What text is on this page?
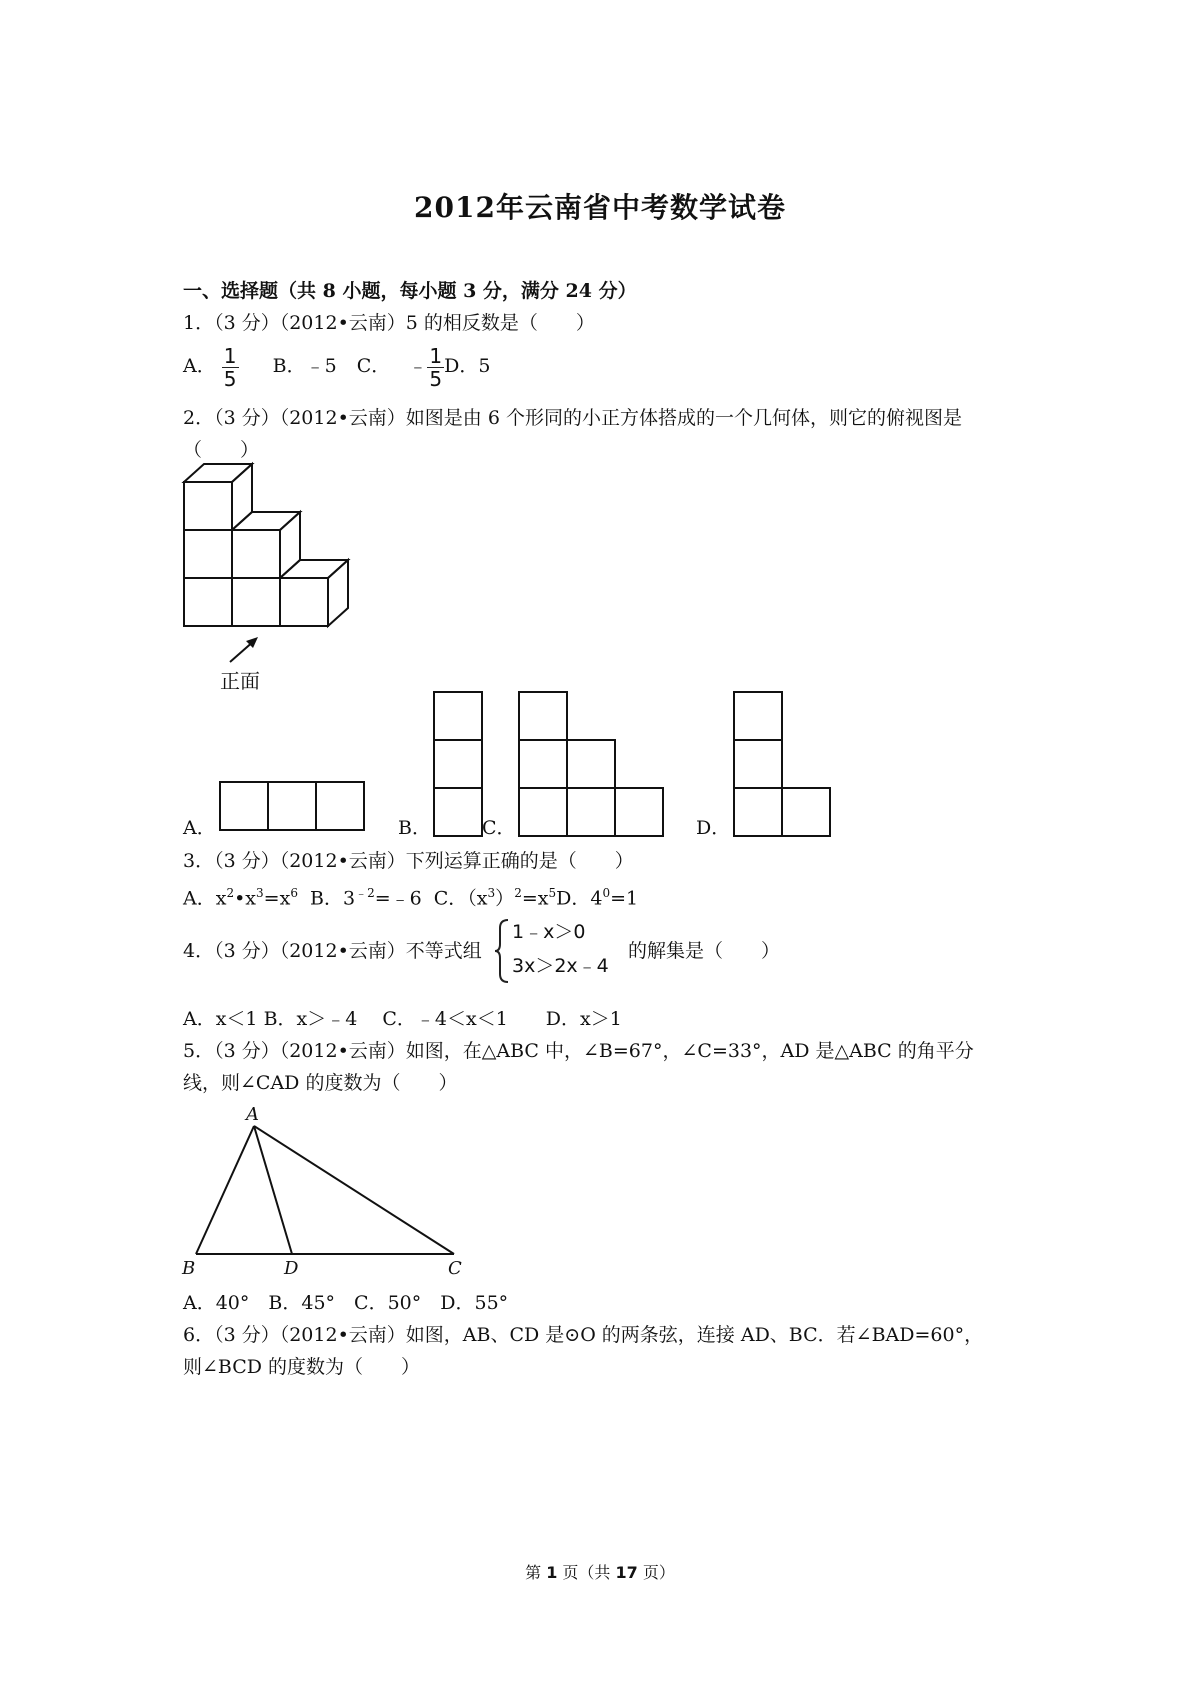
2012年云南省中考数学试卷
一、选择题（共 8 小题，每小题 3 分，满分 24 分）
1．（3 分）（2012•云南）5 的相反数是（　　）
A． $\frac{1}{5}$ B．﹣5 C． ﹣ $\frac{1}{5}$ D．5
2．（3 分）（2012•云南）如图是由 6 个形同的小正方体搭成的一个几何体，则它的俯视图是
（　　）
正面
A．	B．	C．	D．
3．（3 分）（2012•云南）下列运算正确的是（　　）
A．$x^2•x^3=x^6$ B．$3^{﹣2}=﹣6$ C．$(x^3)^2=x^5D$．$4^0=1$
4．（3 分）（2012•云南）不等式组
1﹣x＞0
3x＞2x﹣4
的解集是（　　）
A．x＜1 B．x＞﹣4　 C．﹣4＜x＜1　　D．x＞1
5．（3 分）（2012•云南）如图，在△ABC 中，∠B=67°，∠C=33°，AD 是△ABC 的角平分
线，则∠CAD 的度数为（　　）
A
B	D	C
A．40°　B．45°　C．50°　D．55°
6．（3 分）（2012•云南）如图，AB、CD 是⊙O 的两条弦，连接 AD、BC．若∠BAD=60°，
则∠BCD 的度数为（　　）
第 1 页（共 17 页）
